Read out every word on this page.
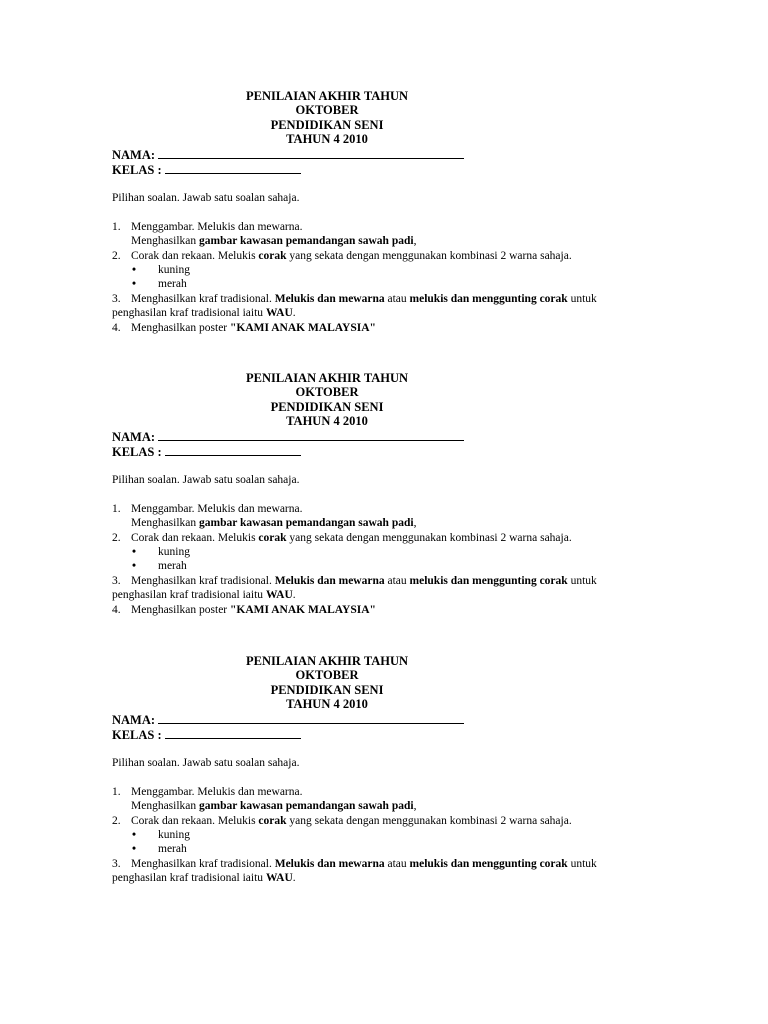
PENILAIAN AKHIR TAHUN
OKTOBER
PENDIDIKAN SENI
TAHUN 4 2010
NAMA:
KELAS :
Pilihan soalan. Jawab satu soalan sahaja.
1. Menggambar. Melukis dan mewarna.
Menghasilkan gambar kawasan pemandangan sawah padi,
2. Corak dan rekaan. Melukis corak yang sekata dengan menggunakan kombinasi 2 warna sahaja.
• kuning
• merah
3. Menghasilkan kraf tradisional. Melukis dan mewarna atau melukis dan menggunting corak untuk
penghasilan kraf tradisional iaitu WAU.
4. Menghasilkan poster "KAMI ANAK MALAYSIA"
PENILAIAN AKHIR TAHUN
OKTOBER
PENDIDIKAN SENI
TAHUN 4 2010
NAMA:
KELAS :
Pilihan soalan. Jawab satu soalan sahaja.
1. Menggambar. Melukis dan mewarna.
Menghasilkan gambar kawasan pemandangan sawah padi,
2. Corak dan rekaan. Melukis corak yang sekata dengan menggunakan kombinasi 2 warna sahaja.
• kuning
• merah
3. Menghasilkan kraf tradisional. Melukis dan mewarna atau melukis dan menggunting corak untuk
penghasilan kraf tradisional iaitu WAU.
4. Menghasilkan poster "KAMI ANAK MALAYSIA"
PENILAIAN AKHIR TAHUN
OKTOBER
PENDIDIKAN SENI
TAHUN 4 2010
NAMA:
KELAS :
Pilihan soalan. Jawab satu soalan sahaja.
1. Menggambar. Melukis dan mewarna.
Menghasilkan gambar kawasan pemandangan sawah padi,
2. Corak dan rekaan. Melukis corak yang sekata dengan menggunakan kombinasi 2 warna sahaja.
• kuning
• merah
3. Menghasilkan kraf tradisional. Melukis dan mewarna atau melukis dan menggunting corak untuk
penghasilan kraf tradisional iaitu WAU.
